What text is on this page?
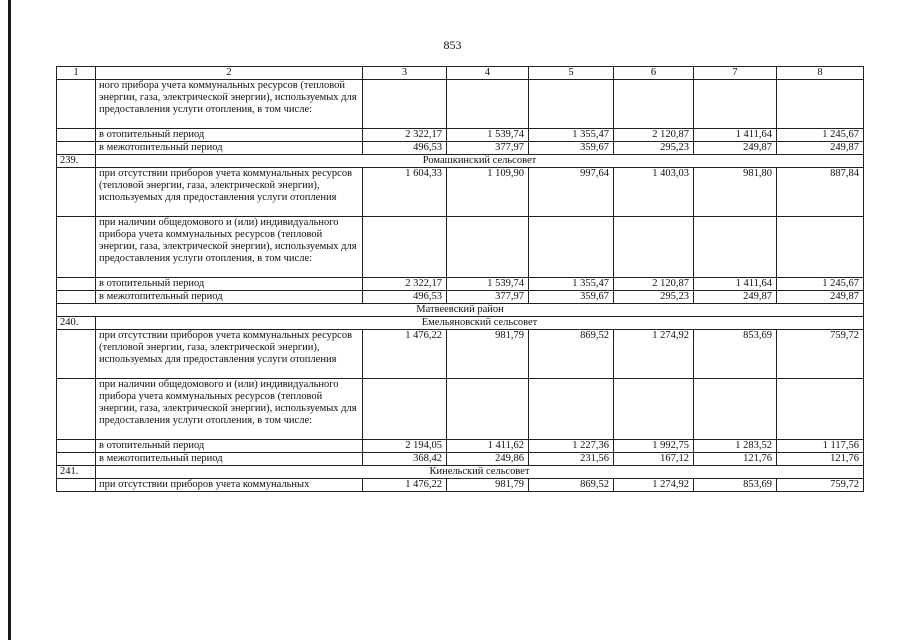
853
1	2	3	4	5	6	7	8
	ного прибора учета коммунальных ресурсов (тепловой энергии, газа, электрической энергии), используемых для предоставления услуги отопления, в том числе:						
	в отопительный период	2 322,17	1 539,74	1 355,47	2 120,87	1 411,64	1 245,67
	в межотопительный период	496,53	377,97	359,67	295,23	249,87	249,87
239.	Ромашкинский сельсовет						
	при отсутствии приборов учета коммунальных ресурсов (тепловой энергии, газа, электрической энергии), используемых для предоставления услуги отопления	1 604,33	1 109,90	997,64	1 403,03	981,80	887,84
	при наличии общедомового и (или) индивидуального прибора учета коммунальных ресурсов (тепловой энергии, газа, электрической энергии), используемых для предоставления услуги отопления, в том числе:						
	в отопительный период	2 322,17	1 539,74	1 355,47	2 120,87	1 411,64	1 245,67
	в межотопительный период	496,53	377,97	359,67	295,23	249,87	249,87
Матвеевский район							
240.	Емельяновский сельсовет						
	при отсутствии приборов учета коммунальных ресурсов (тепловой энергии, газа, электрической энергии), используемых для предоставления услуги отопления	1 476,22	981,79	869,52	1 274,92	853,69	759,72
	при наличии общедомового и (или) индивидуального прибора учета коммунальных ресурсов (тепловой энергии, газа, электрической энергии), используемых для предоставления услуги отопления, в том числе:						
	в отопительный период	2 194,05	1 411,62	1 227,36	1 992,75	1 283,52	1 117,56
	в межотопительный период	368,42	249,86	231,56	167,12	121,76	121,76
241.	Кинельский сельсовет						
	при отсутствии приборов учета коммунальных	1 476,22	981,79	869,52	1 274,92	853,69	759,72
